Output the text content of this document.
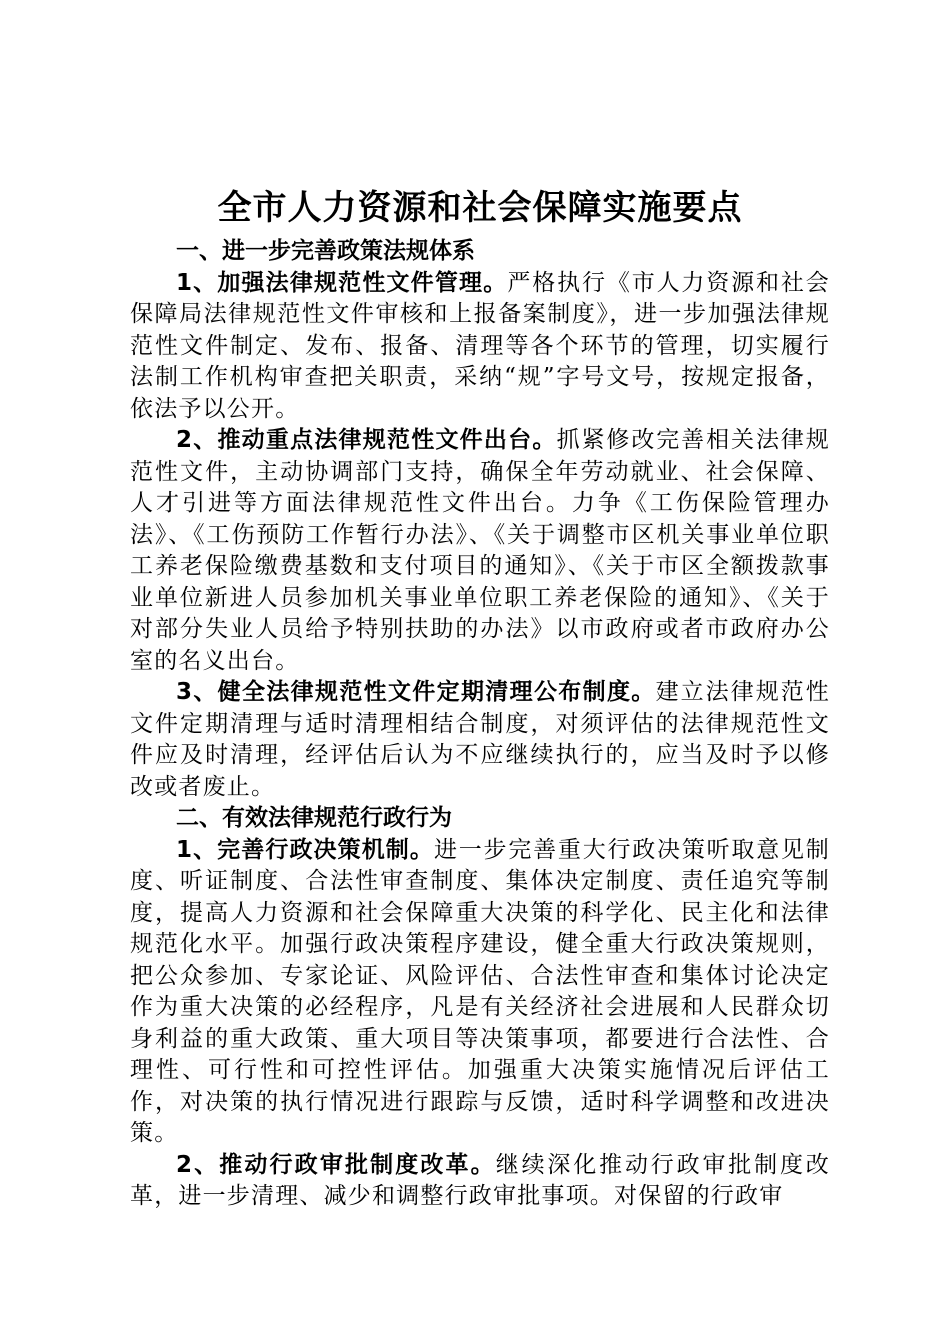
全市人力资源和社会保障实施要点

一、进一步完善政策法规体系

1、加强法律规范性文件管理。严格执行《市人力资源和社会保障局法律规范性文件审核和上报备案制度》，进一步加强法律规范性文件制定、发布、报备、清理等各个环节的管理，切实履行法制工作机构审查把关职责，采纳“规”字号文号，按规定报备，依法予以公开。

2、推动重点法律规范性文件出台。抓紧修改完善相关法律规范性文件，主动协调部门支持，确保全年劳动就业、社会保障、人才引进等方面法律规范性文件出台。力争《工伤保险管理办法》、《工伤预防工作暂行办法》、《关于调整市区机关事业单位职工养老保险缴费基数和支付项目的通知》、《关于市区全额拨款事业单位新进人员参加机关事业单位职工养老保险的通知》、《关于对部分失业人员给予特别扶助的办法》以市政府或者市政府办公室的名义出台。

3、健全法律规范性文件定期清理公布制度。建立法律规范性文件定期清理与适时清理相结合制度，对须评估的法律规范性文件应及时清理，经评估后认为不应继续执行的，应当及时予以修改或者废止。

二、有效法律规范行政行为

1、完善行政决策机制。进一步完善重大行政决策听取意见制度、听证制度、合法性审查制度、集体决定制度、责任追究等制度，提高人力资源和社会保障重大决策的科学化、民主化和法律规范化水平。加强行政决策程序建设，健全重大行政决策规则，把公众参加、专家论证、风险评估、合法性审查和集体讨论决定作为重大决策的必经程序，凡是有关经济社会进展和人民群众切身利益的重大政策、重大项目等决策事项，都要进行合法性、合理性、可行性和可控性评估。加强重大决策实施情况后评估工作，对决策的执行情况进行跟踪与反馈，适时科学调整和改进决策。

2、推动行政审批制度改革。继续深化推动行政审批制度改革，进一步清理、减少和调整行政审批事项。对保留的行政审
